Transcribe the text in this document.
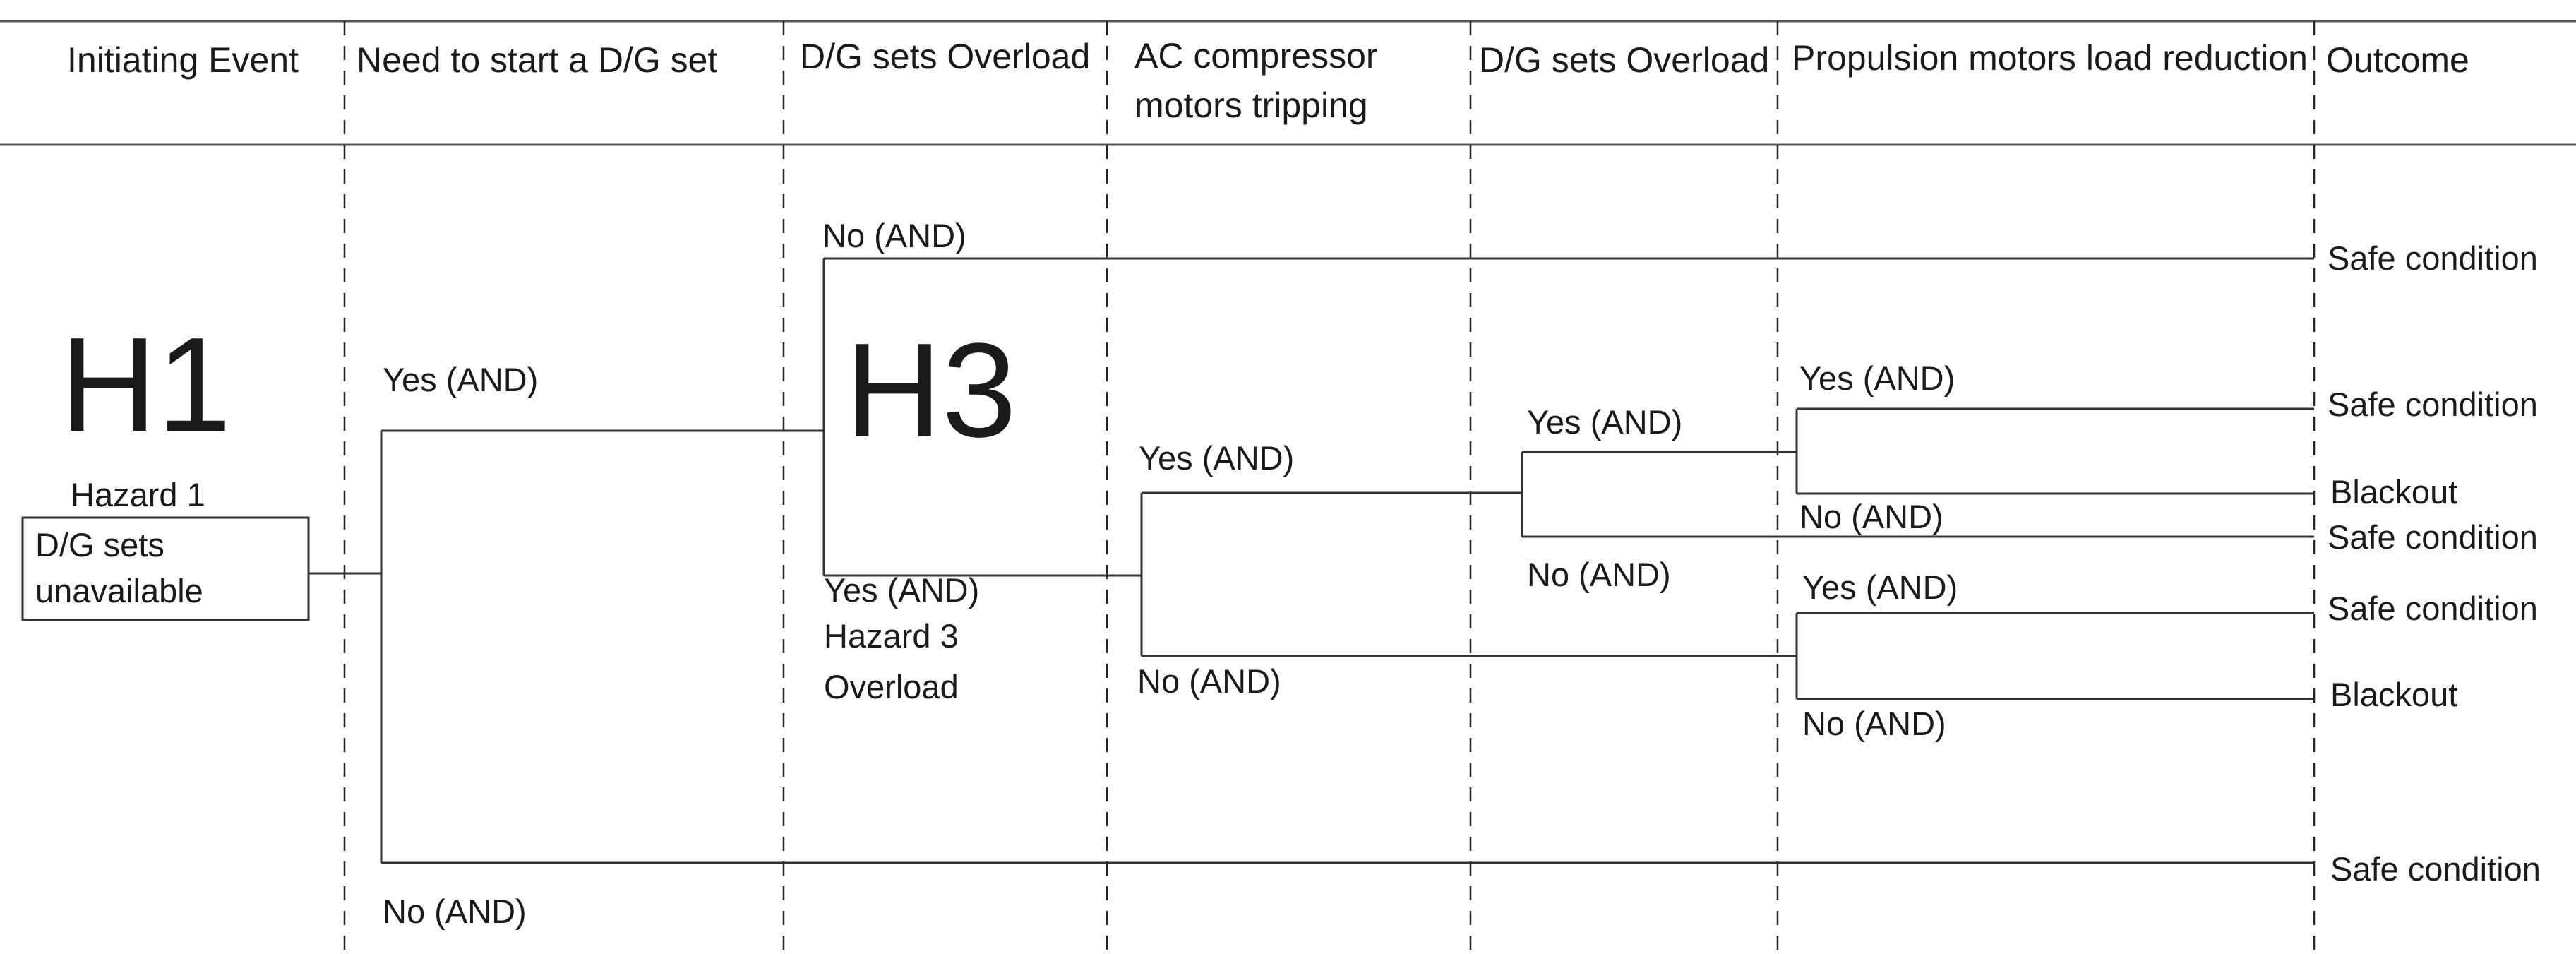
Initiating Event Need to start a D/G set D/G sets Overload AC compressor
motors tripping
D/G sets Overload Propulsion motors load reduction Outcome
H1
Hazard 1
D/G sets
unavailable
Yes (AND)
No (AND)
No (AND)
H3
Yes (AND)
Hazard 3
Overload
Yes (AND)
No (AND)
Yes (AND)
No (AND)
Yes (AND)
No (AND)
Yes (AND)
No (AND)
Safe condition
Safe condition
Blackout
Safe condition
Safe condition
Blackout
Safe condition
